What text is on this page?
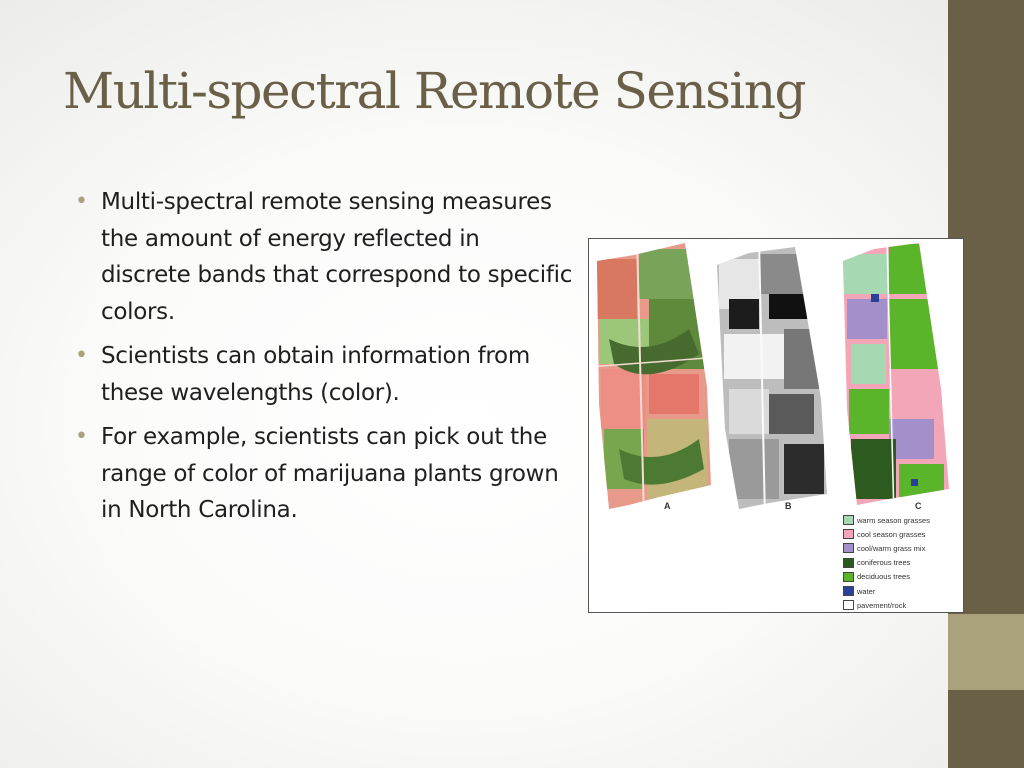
Multi-spectral Remote Sensing
• Multi-spectral remote sensing measures the amount of energy reflected in discrete bands that correspond to specific colors.
• Scientists can obtain information from these wavelengths (color).
• For example, scientists can pick out the range of color of marijuana plants grown in North Carolina.	A	B	C
warm season grasses
cool season grasses
cool/warm grass mix
coniferous trees
deciduous trees
water
pavement/rock
